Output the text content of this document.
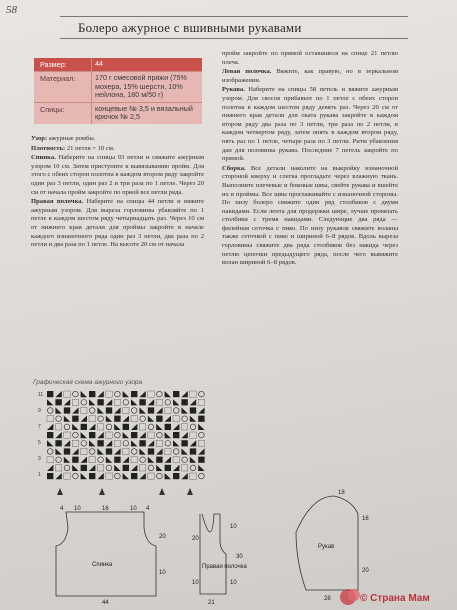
58
Болеро ажурное с вшивными рукавами
Размер:	44
Материал:	170 г смесовой пряжи (75% мохера, 15% шерсти, 10% нейлона, 180 м/50 г)
Спицы:	концевые № 3,5 и вязальный крючок № 2,5

Узор: ажурные ромбы.

Плотность: 21 петля = 10 см.

Спинка. Наберите на спицы 93 петли и свяжите ажурным узором 10 см. Затем приступите к вывязыванию пройм. Для этого с обеих сторон полотна в каждом втором ряду закройте один раз 3 петли, один раз 2 и три раза по 1 петле. Через 20 см от начала пройм закройте по пряой все петли ряда.

Правая полочка. Наберите на спицы 44 петли и вяжите ажурным узором. Для выреза горловины убавляйте по 1 петле в каждом шестом ряду четырнадцать раз. Через 10 см от нижнего края детали для проймы закройте в начале каждого изнаночного ряда один раз 3 петли, два раза по 2 петли и два раза по 1 петле. На высоте 20 см от начала

пройм закройте по прямой оставшиеся на спице 21 петлю плеча.

Левая полочка. Вяжите, как правую, но в зеркальном изображении.

Рукава. Наберите на спицы 58 петель и вяжите ажурным узором. Для скосов прибавьте по 1 петле с обеих сторон полотна в каждом шестом ряду девять раз. Через 20 см от нижнего края детали для окатa рукава закройте в каждом втором ряду два раза по 3 петли, три раза по 2 петли, в каждом четвертом ряду, затем опять в каждом втором ряду, пять раз по 1 петле, четыре раза по 3 петли. Ритм убавления дан для половины рукава. Последние 7 петель закройте по прямой.

Сборка. Все детали наколите на выкройку изнаночной стороной кверху и слегка прогладьте через влажную ткань. Выполните плечевые и боковые швы, свейте рукава и вшейте их в проймы. Все швы проглаживайте с изнаночной стороны. По низу болеро свяжите один ряд столбиков с двумя накидами. Если лента для продержки шире, лучше провязать столбики с тремя накидами. Следующие два ряда — филейная сеточка с пико. По низу рукавов свяжите воланы также сеточкой с пико и шириной 6–8 рядов. Вдоль выреза горловины свяжите два ряда столбиков без накида через петлю цепочки предыдущего ряда, после чего вывяжите волан шириной 6–8 рядов.

Графическая схема ажурного узора
11
9
7
5
3
1
Спинка
4 10	16	10 4
20
10
44
Правая полочка
10
10
30
20
10
21
Рукав
18
16
20
28	© Страна Мам
